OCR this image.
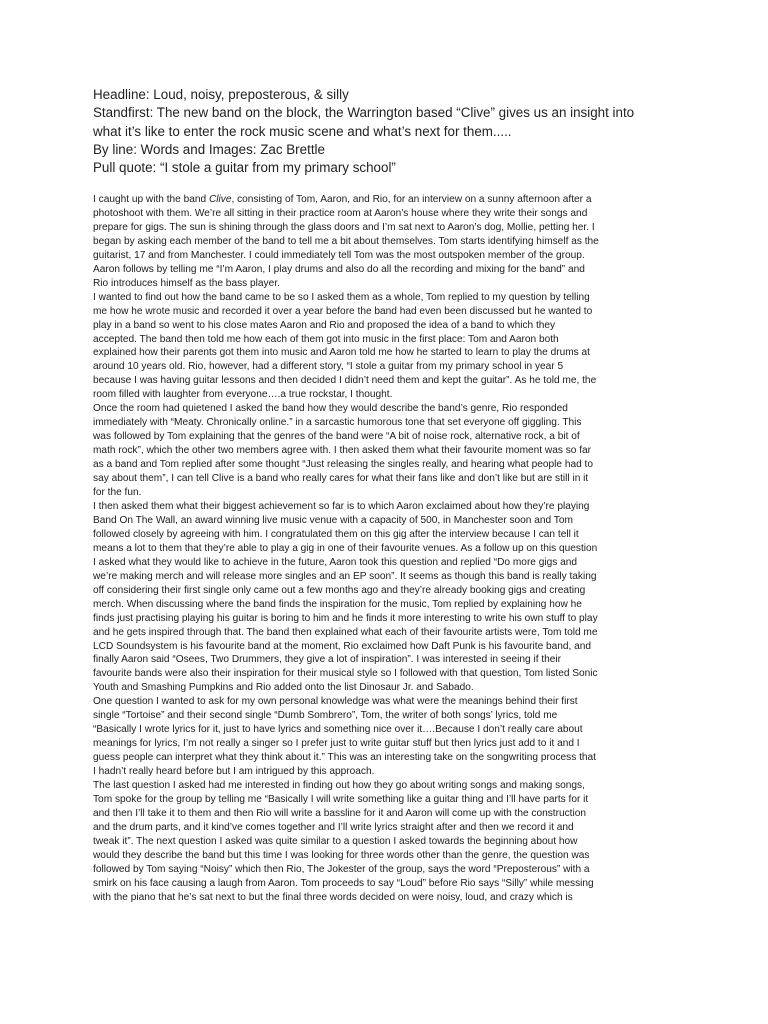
Headline: Loud, noisy, preposterous, & silly

Standfirst: The new band on the block, the Warrington based “Clive” gives us an insight into

what it’s like to enter the rock music scene and what’s next for them.....

By line: Words and Images: Zac Brettle

Pull quote: “I stole a guitar from my primary school”

I caught up with the band Clive, consisting of Tom, Aaron, and Rio, for an interview on a sunny afternoon after a
photoshoot with them. We’re all sitting in their practice room at Aaron’s house where they write their songs and
prepare for gigs. The sun is shining through the glass doors and I’m sat next to Aaron’s dog, Mollie, petting her. I
began by asking each member of the band to tell me a bit about themselves. Tom starts identifying himself as the
guitarist, 17 and from Manchester. I could immediately tell Tom was the most outspoken member of the group.
Aaron follows by telling me “I’m Aaron, I play drums and also do all the recording and mixing for the band” and
Rio introduces himself as the bass player.
I wanted to find out how the band came to be so I asked them as a whole, Tom replied to my question by telling
me how he wrote music and recorded it over a year before the band had even been discussed but he wanted to
play in a band so went to his close mates Aaron and Rio and proposed the idea of a band to which they
accepted. The band then told me how each of them got into music in the first place: Tom and Aaron both
explained how their parents got them into music and Aaron told me how he started to learn to play the drums at
around 10 years old. Rio, however, had a different story, “I stole a guitar from my primary school in year 5
because I was having guitar lessons and then decided I didn’t need them and kept the guitar”. As he told me, the
room filled with laughter from everyone….a true rockstar, I thought.
Once the room had quietened I asked the band how they would describe the band’s genre, Rio responded
immediately with “Meaty. Chronically online.” in a sarcastic humorous tone that set everyone off giggling. This
was followed by Tom explaining that the genres of the band were “A bit of noise rock, alternative rock, a bit of
math rock”, which the other two members agree with. I then asked them what their favourite moment was so far
as a band and Tom replied after some thought “Just releasing the singles really, and hearing what people had to
say about them”, I can tell Clive is a band who really cares for what their fans like and don’t like but are still in it
for the fun.
I then asked them what their biggest achievement so far is to which Aaron exclaimed about how they’re playing
Band On The Wall, an award winning live music venue with a capacity of 500, in Manchester soon and Tom
followed closely by agreeing with him. I congratulated them on this gig after the interview because I can tell it
means a lot to them that they’re able to play a gig in one of their favourite venues. As a follow up on this question
I asked what they would like to achieve in the future, Aaron took this question and replied “Do more gigs and
we’re making merch and will release more singles and an EP soon”. It seems as though this band is really taking
off considering their first single only came out a few months ago and they’re already booking gigs and creating
merch. When discussing where the band finds the inspiration for the music, Tom replied by explaining how he
finds just practising playing his guitar is boring to him and he finds it more interesting to write his own stuff to play
and he gets inspired through that. The band then explained what each of their favourite artists were, Tom told me
LCD Soundsystem is his favourite band at the moment, Rio exclaimed how Daft Punk is his favourite band, and
finally Aaron said “Osees, Two Drummers, they give a lot of inspiration”. I was interested in seeing if their
favourite bands were also their inspiration for their musical style so I followed with that question, Tom listed Sonic
Youth and Smashing Pumpkins and Rio added onto the list Dinosaur Jr. and Sabado.
One question I wanted to ask for my own personal knowledge was what were the meanings behind their first
single “Tortoise” and their second single “Dumb Sombrero”, Tom, the writer of both songs’ lyrics, told me
“Basically I wrote lyrics for it, just to have lyrics and something nice over it….Because I don’t really care about
meanings for lyrics, I’m not really a singer so I prefer just to write guitar stuff but then lyrics just add to it and I
guess people can interpret what they think about it.” This was an interesting take on the songwriting process that
I hadn’t really heard before but I am intrigued by this approach.
The last question I asked had me interested in finding out how they go about writing songs and making songs,
Tom spoke for the group by telling me “Basically I will write something like a guitar thing and I’ll have parts for it
and then I’ll take it to them and then Rio will write a bassline for it and Aaron will come up with the construction
and the drum parts, and it kind’ve comes together and I’ll write lyrics straight after and then we record it and
tweak it”. The next question I asked was quite similar to a question I asked towards the beginning about how
would they describe the band but this time I was looking for three words other than the genre, the question was
followed by Tom saying “Noisy” which then Rio, The Jokester of the group, says the word “Preposterous” with a
smirk on his face causing a laugh from Aaron. Tom proceeds to say “Loud” before Rio says “Silly” while messing
with the piano that he’s sat next to but the final three words decided on were noisy, loud, and crazy which is
